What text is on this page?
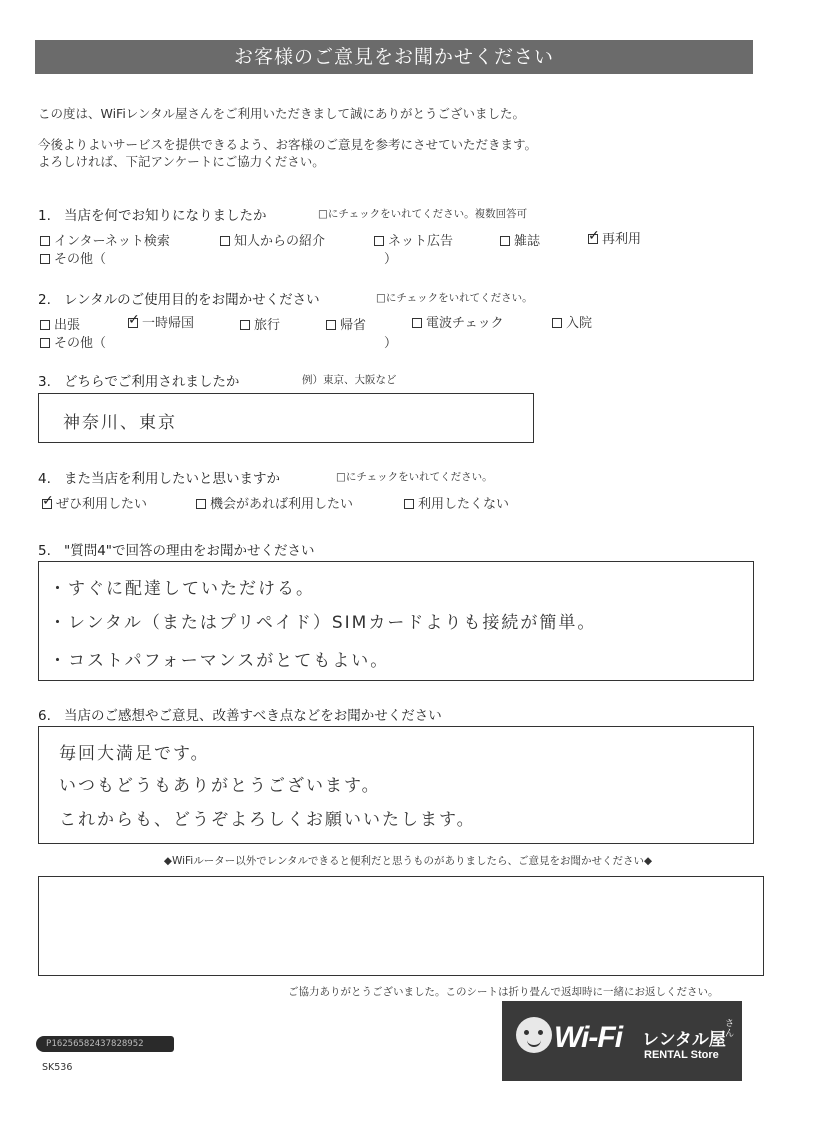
お客様のご意見をお聞かせください
この度は、WiFiレンタル屋さんをご利用いただきまして誠にありがとうございました。
今後よりよいサービスを提供できるよう、お客様のご意見を参考にさせていただきます。
よろしければ、下記アンケートにご協力ください。
1. 当店を何でお知りになりましたか	□にチェックをいれてください。複数回答可
インターネット検索	知人からの紹介	ネット広告	雑誌 ✓	再利用
その他（	）
2. レンタルのご使用目的をお聞かせください	□にチェックをいれてください。
出張 ✓	一時帰国	旅行	帰省	電波チェック	入院
その他（	）
3. どちらでご利用されましたか	例）東京、大阪など
神奈川、東京
4. また当店を利用したいと思いますか	□にチェックをいれてください。
✓ぜひ利用したい	機会があれば利用したい	利用したくない
5. "質問4"で回答の理由をお聞かせください
・すぐに配達していただける。
・レンタル（またはプリペイド）SIMカードよりも接続が簡単。
・コストパフォーマンスがとてもよい。
6. 当店のご感想やご意見、改善すべき点などをお聞かせください
毎回大満足です。
いつもどうもありがとうございます。
これからも、どうぞよろしくお願いいたします。
◆WiFiルーター以外でレンタルできると便利だと思うものがありましたら、ご意見をお聞かせください◆
ご協力ありがとうございました。このシートは折り畳んで返却時に一緒にお返しください。
P16256582437828952
SK536
Wi-Fi レンタル屋
さん
RENTAL Store
